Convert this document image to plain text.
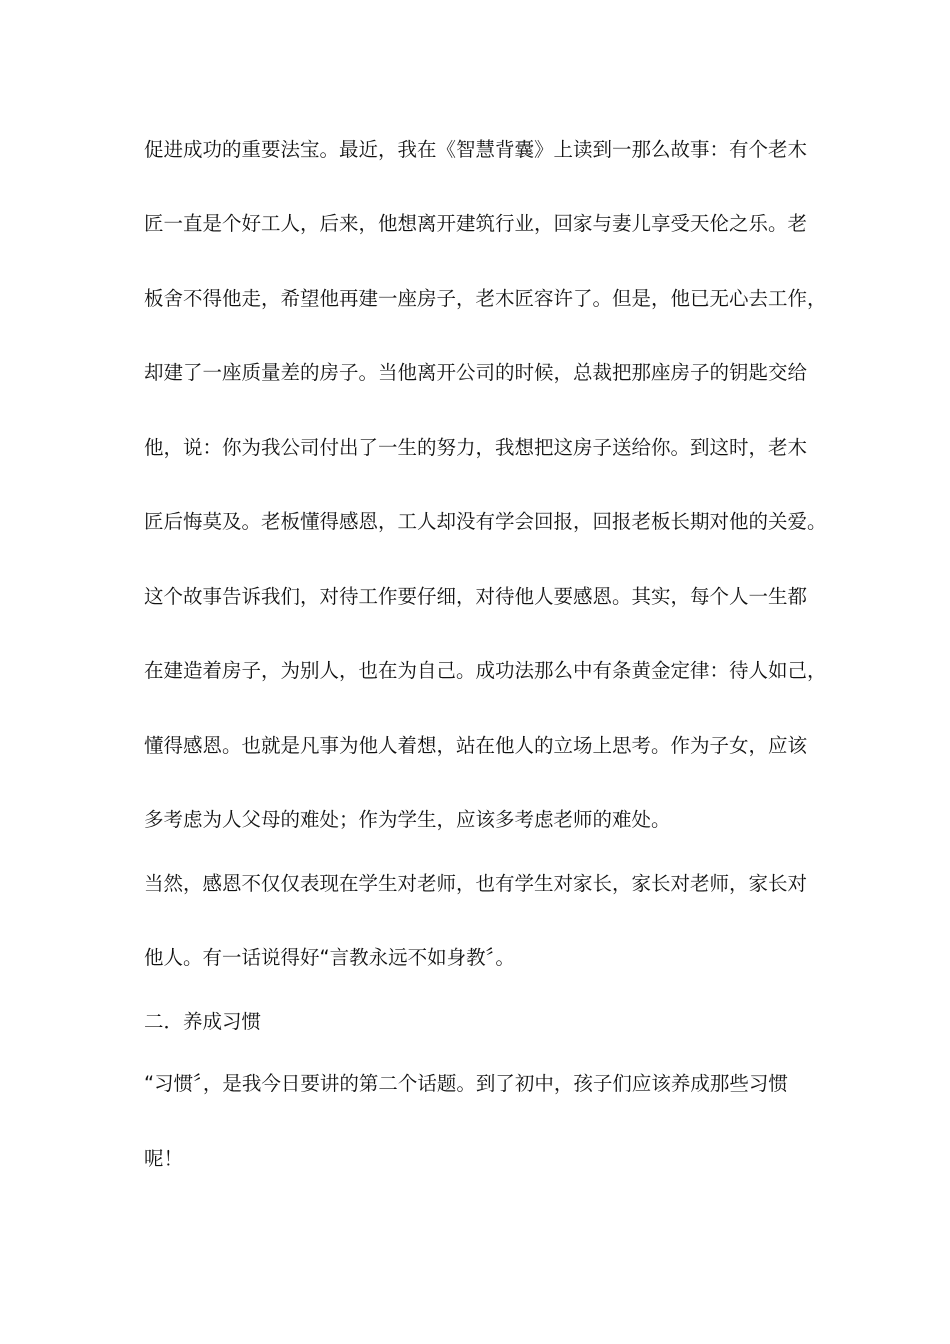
促进成功的重要法宝。最近，我在《智慧背囊》上读到一那么故事：有个老木
匠一直是个好工人，后来，他想离开建筑行业，回家与妻儿享受天伦之乐。老
板舍不得他走，希望他再建一座房子，老木匠容许了。但是，他已无心去工作，
却建了一座质量差的房子。当他离开公司的时候，总裁把那座房子的钥匙交给
他，说：你为我公司付出了一生的努力，我想把这房子送给你。到这时，老木
匠后悔莫及。老板懂得感恩，工人却没有学会回报，回报老板长期对他的关爱。
这个故事告诉我们，对待工作要仔细，对待他人要感恩。其实，每个人一生都
在建造着房子，为别人，也在为自己。成功法那么中有条黄金定律：待人如己，
懂得感恩。也就是凡事为他人着想，站在他人的立场上思考。作为子女，应该
多考虑为人父母的难处；作为学生，应该多考虑老师的难处。
当然，感恩不仅仅表现在学生对老师，也有学生对家长，家长对老师，家长对
他人。有一话说得好“言教永远不如身教〞。
二．养成习惯
“习惯〞，是我今日要讲的第二个话题。到了初中，孩子们应该养成那些习惯
呢！
